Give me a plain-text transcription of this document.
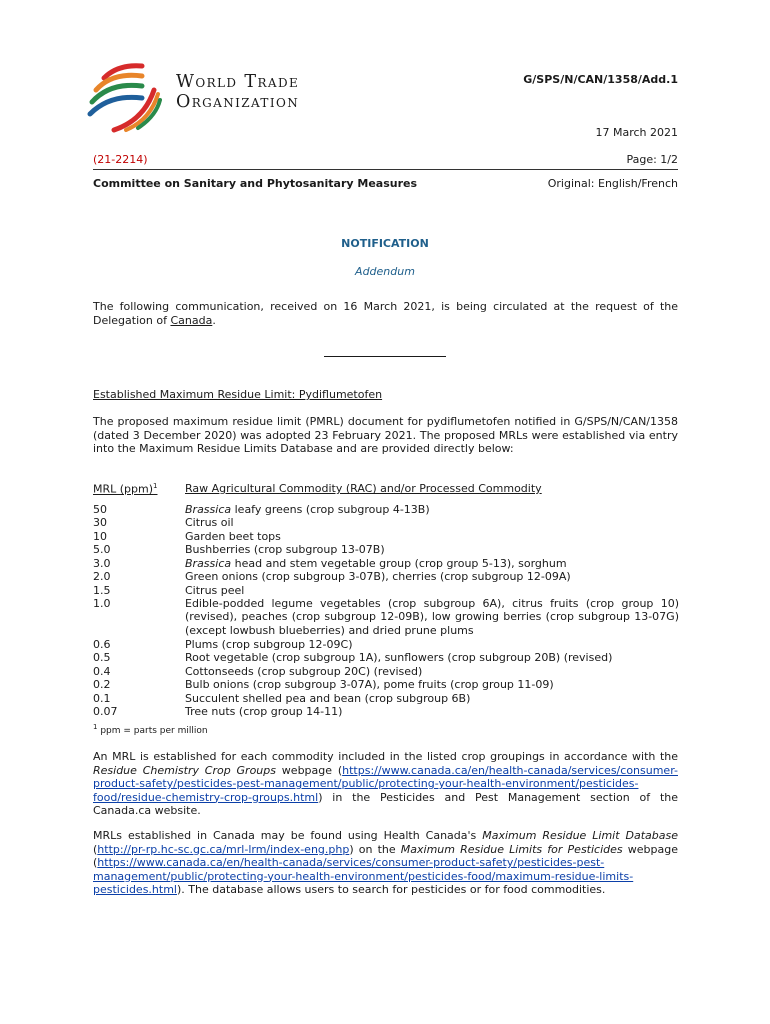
World Trade
Organization
G/SPS/N/CAN/1358/Add.1
17 March 2021
(21-2214)	Page: 1/2
Committee on Sanitary and Phytosanitary Measures	Original: English/French
NOTIFICATION
Addendum
The following communication, received on 16 March 2021, is being circulated at the request of the Delegation of Canada.
Established Maximum Residue Limit: Pydiflumetofen
The proposed maximum residue limit (PMRL) document for pydiflumetofen notified in G/SPS/N/CAN/1358 (dated 3 December 2020) was adopted 23 February 2021. The proposed MRLs were established via entry into the Maximum Residue Limits Database and are provided directly below:
MRL (ppm)$^1$	Raw Agricultural Commodity (RAC) and/or Processed Commodity
50	Brassica leafy greens (crop subgroup 4-13B)
30	Citrus oil
10	Garden beet tops
5.0	Bushberries (crop subgroup 13-07B)
3.0	Brassica head and stem vegetable group (crop group 5-13), sorghum
2.0	Green onions (crop subgroup 3-07B), cherries (crop subgroup 12-09A)
1.5	Citrus peel
1.0	Edible-podded legume vegetables (crop subgroup 6A), citrus fruits (crop group 10) (revised), peaches (crop subgroup 12-09B), low growing berries (crop subgroup 13-07G) (except lowbush blueberries) and dried prune plums
0.6	Plums (crop subgroup 12-09C)
0.5	Root vegetable (crop subgroup 1A), sunflowers (crop subgroup 20B) (revised)
0.4	Cottonseeds (crop subgroup 20C) (revised)
0.2	Bulb onions (crop subgroup 3-07A), pome fruits (crop group 11-09)
0.1	Succulent shelled pea and bean (crop subgroup 6B)
0.07	Tree nuts (crop group 14-11)
$^1$ ppm = parts per million
An MRL is established for each commodity included in the listed crop groupings in accordance with the Residue Chemistry Crop Groups webpage (https://www.canada.ca/en/health-canada/services/consumer-product-safety/pesticides-pest-management/public/protecting-your-health-environment/pesticides-food/residue-chemistry-crop-groups.html) in the Pesticides and Pest Management section of the Canada.ca website.
MRLs established in Canada may be found using Health Canada's Maximum Residue Limit Database (http://pr-rp.hc-sc.gc.ca/mrl-lrm/index-eng.php) on the Maximum Residue Limits for Pesticides webpage (https://www.canada.ca/en/health-canada/services/consumer-product-safety/pesticides-pest-management/public/protecting-your-health-environment/pesticides-food/maximum-residue-limits-pesticides.html). The database allows users to search for pesticides or for food commodities.
